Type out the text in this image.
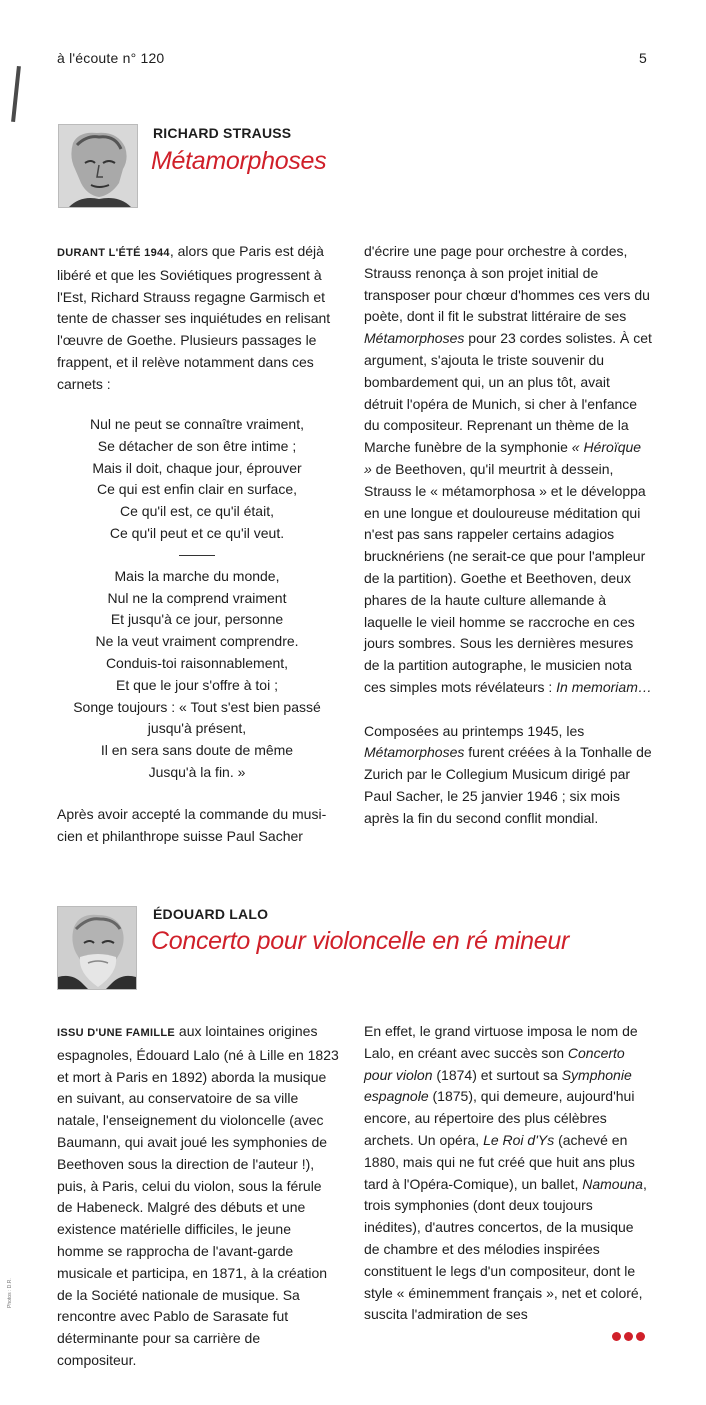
à l'écoute n° 120	5
RICHARD STRAUSS
Métamorphoses
DURANT L'ÉTÉ 1944, alors que Paris est déjà
libéré et que les Soviétiques progressent à
l'Est, Richard Strauss regagne Garmisch et
tente de chasser ses inquiétudes en relisant
l'œuvre de Goethe. Plusieurs passages le
frappent, et il relève notamment dans ces
carnets :
Nul ne peut se connaître vraiment,
Se détacher de son être intime ;
Mais il doit, chaque jour, éprouver
Ce qui est enfin clair en surface,
Ce qu'il est, ce qu'il était,
Ce qu'il peut et ce qu'il veut.
Mais la marche du monde,
Nul ne la comprend vraiment
Et jusqu'à ce jour, personne
Ne la veut vraiment comprendre.
Conduis-toi raisonnablement,
Et que le jour s'offre à toi ;
Songe toujours : « Tout s'est bien passé
jusqu'à présent,
Il en sera sans doute de même
Jusqu'à la fin. »
Après avoir accepté la commande du musi-
cien et philanthrope suisse Paul Sacher

d'écrire une page pour orchestre à cordes, Strauss renonça à son projet initial de transposer pour chœur d'hommes ces vers du poète, dont il fit le substrat littéraire de ses Métamorphoses pour 23 cordes solistes. À cet argument, s'ajouta le triste souvenir du bombardement qui, un an plus tôt, avait détruit l'opéra de Munich, si cher à l'enfance du compositeur. Reprenant un thème de la Marche funèbre de la symphonie « Héroïque » de Beethoven, qu'il meurtrit à dessein, Strauss le « métamorphosa » et le développa en une longue et douloureuse méditation qui n'est pas sans rappeler certains adagios brucknériens (ne serait-ce que pour l'ampleur de la partition). Goethe et Beethoven, deux phares de la haute culture allemande à laquelle le vieil homme se raccroche en ces jours sombres. Sous les dernières mesures de la partition autographe, le musicien nota ces simples mots révélateurs : In memoriam…

Composées au printemps 1945, les Métamorphoses furent créées à la Tonhalle de Zurich par le Collegium Musicum dirigé par Paul Sacher, le 25 janvier 1946 ; six mois après la fin du second conflit mondial.

ÉDOUARD LALO
Concerto pour violoncelle en ré mineur

ISSU D'UNE FAMILLE aux lointaines origines espagnoles, Édouard Lalo (né à Lille en 1823 et mort à Paris en 1892) aborda la musique en suivant, au conservatoire de sa ville natale, l'enseignement du violoncelle (avec Baumann, qui avait joué les symphonies de Beethoven sous la direction de l'auteur !), puis, à Paris, celui du violon, sous la férule de Habeneck. Malgré des débuts et une existence matérielle difficiles, le jeune homme se rapprocha de l'avant-garde musicale et participa, en 1871, à la création de la Société nationale de musique. Sa rencontre avec Pablo de Sarasate fut déterminante pour sa carrière de compositeur.

En effet, le grand virtuose imposa le nom de Lalo, en créant avec succès son Concerto pour violon (1874) et surtout sa Symphonie espagnole (1875), qui demeure, aujourd'hui encore, au répertoire des plus célèbres archets. Un opéra, Le Roi d'Ys (achevé en 1880, mais qui ne fut créé que huit ans plus tard à l'Opéra-Comique), un ballet, Namouna, trois symphonies (dont deux toujours inédites), d'autres concertos, de la musique de chambre et des mélodies inspirées constituent le legs d'un compositeur, dont le style « éminemment français », net et coloré, suscita l'admiration de ses

Photos : D.R.
